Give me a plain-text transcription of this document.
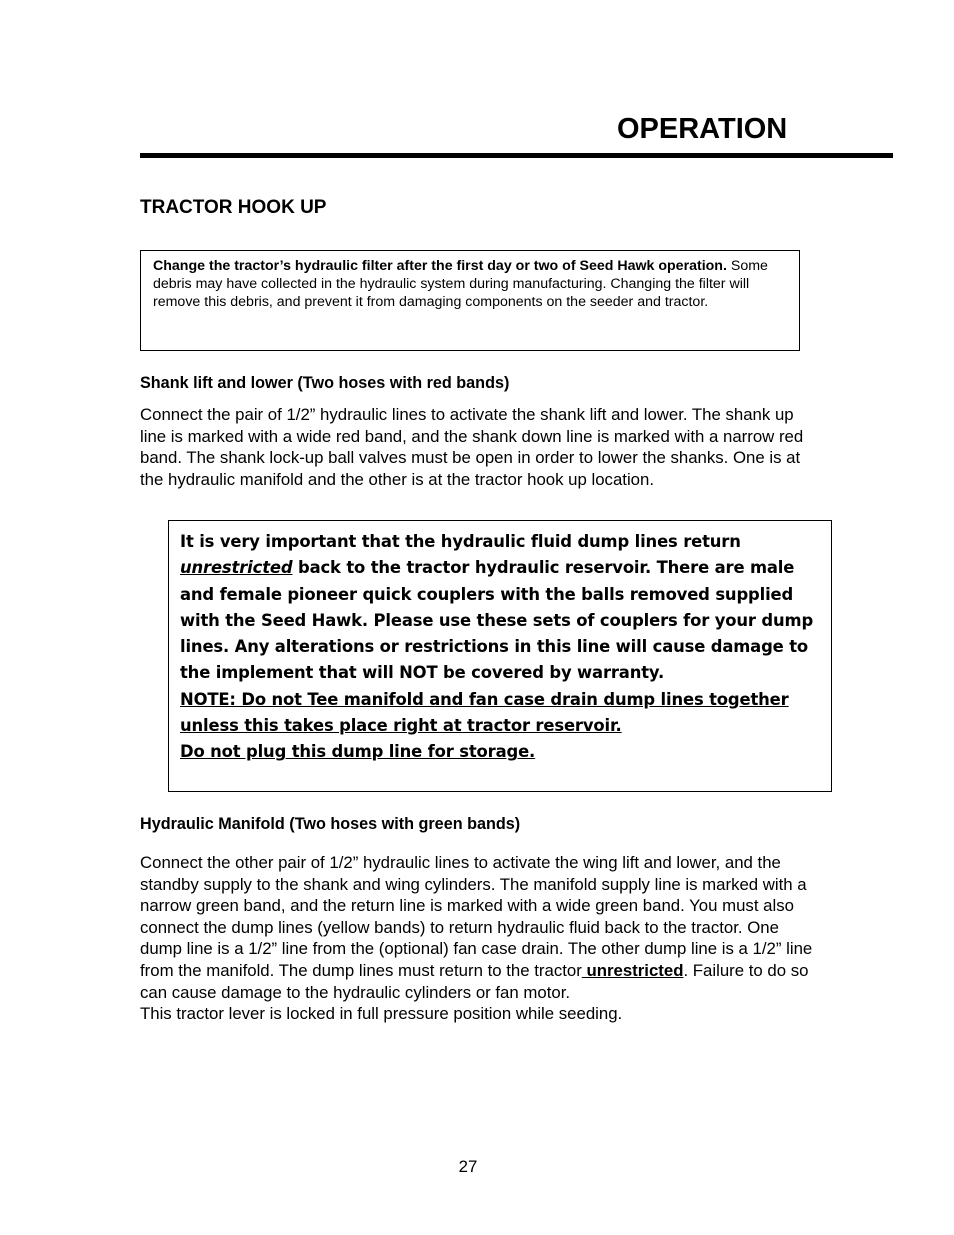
OPERATION
TRACTOR HOOK UP
Change the tractor’s hydraulic filter after the first day or two of Seed Hawk operation. Some debris may have collected in the hydraulic system during manufacturing. Changing the filter will remove this debris, and prevent it from damaging components on the seeder and tractor.
Shank lift and lower (Two hoses with red bands)

Connect the pair of 1/2” hydraulic lines to activate the shank lift and lower. The shank up line is marked with a wide red band, and the shank down line is marked with a narrow red band. The shank lock-up ball valves must be open in order to lower the shanks. One is at the hydraulic manifold and the other is at the tractor hook up location.

It is very important that the hydraulic fluid dump lines return unrestricted back to the tractor hydraulic reservoir. There are male and female pioneer quick couplers with the balls removed supplied with the Seed Hawk. Please use these sets of couplers for your dump lines. Any alterations or restrictions in this line will cause damage to the implement that will NOT be covered by warranty.
NOTE: Do not Tee manifold and fan case drain dump lines together unless this takes place right at tractor reservoir.
Do not plug this dump line for storage.
Hydraulic Manifold (Two hoses with green bands)

Connect the other pair of 1/2” hydraulic lines to activate the wing lift and lower, and the standby supply to the shank and wing cylinders. The manifold supply line is marked with a narrow green band, and the return line is marked with a wide green band. You must also connect the dump lines (yellow bands) to return hydraulic fluid back to the tractor. One dump line is a 1/2” line from the (optional) fan case drain. The other dump line is a 1/2” line from the manifold. The dump lines must return to the tractor unrestricted. Failure to do so can cause damage to the hydraulic cylinders or fan motor.

This tractor lever is locked in full pressure position while seeding.

27
